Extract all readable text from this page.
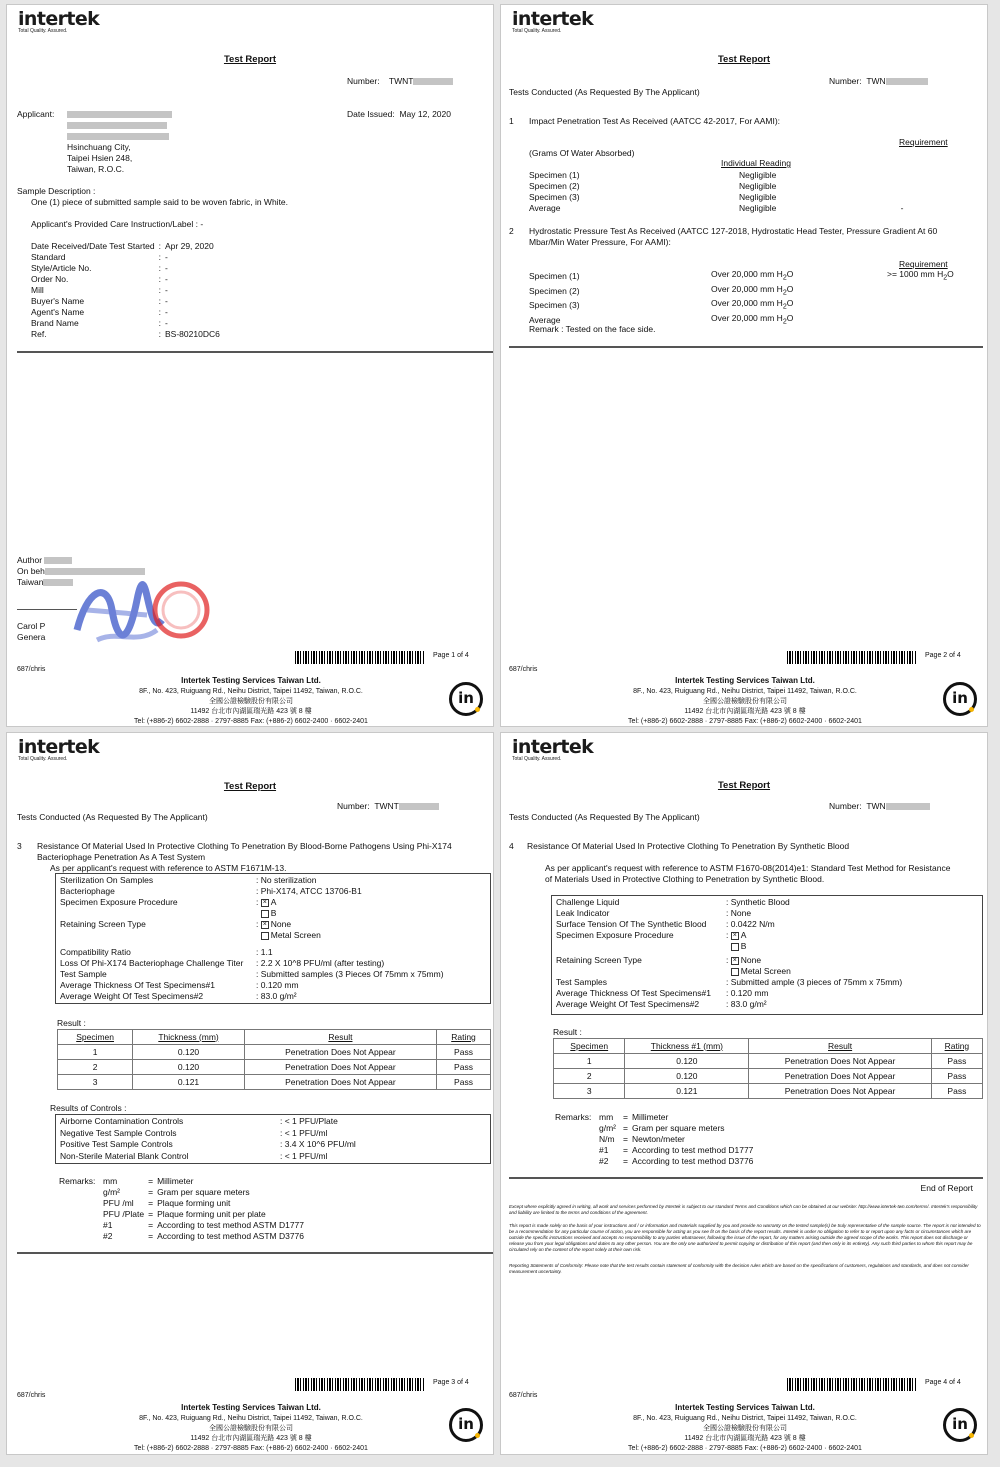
intertek
Total Quality. Assured.
Test Report
Number: TWNT
Applicant:

Hsinchuang City,
Taipei Hsien 248,
Taiwan, R.O.C.
Date Issued: May 12, 2020
Sample Description :
One (1) piece of submitted sample said to be woven fabric, in White.
Applicant's Provided Care Instruction/Label : -
Date Received/Date Test Started	:	Apr 29, 2020
Standard	:	-
Style/Article No.	:	-
Order No.	:	-
Mill	:	-
Buyer's Name	:	-
Agent's Name	:	-
Brand Name	:	-
Ref.	:	BS-80210DC6
Author
On beh
Taiwan
Carol P
Genera
Page 1 of 4
687/chris
Intertek Testing Services Taiwan Ltd.
8F., No. 423, Ruiguang Rd., Neihu District, Taipei 11492, Taiwan, R.O.C.
全國公證檢驗股份有限公司
11492 台北市內湖區瑞光路 423 號 8 樓
Tel: (+886-2) 6602-2888 · 2797-8885 Fax: (+886-2) 6602-2400 · 6602-2401
in
intertek
Total Quality. Assured.
Test Report
Number: TWN
Tests Conducted (As Requested By The Applicant)
1 Impact Penetration Test As Received (AATCC 42-2017, For AAMI):
Requirement
(Grams Of Water Absorbed)
Individual Reading
Specimen (1)	Negligible	
Specimen (2)	Negligible	
Specimen (3)	Negligible	
Average	Negligible	-
2 Hydrostatic Pressure Test As Received (AATCC 127-2018, Hydrostatic Head Tester, Pressure Gradient At 60
Mbar/Min Water Pressure, For AAMI):
Requirement
>= 1000 mm $H_2O$
Specimen (1)	Over 20,000 mm $H_2O$
Specimen (2)	Over 20,000 mm $H_2O$
Specimen (3)	Over 20,000 mm $H_2O$
Average	Over 20,000 mm $H_2O$
Remark : Tested on the face side.
Page 2 of 4
687/chris
Intertek Testing Services Taiwan Ltd.
8F., No. 423, Ruiguang Rd., Neihu District, Taipei 11492, Taiwan, R.O.C.
全國公證檢驗股份有限公司
11492 台北市內湖區瑞光路 423 號 8 樓
Tel: (+886-2) 6602-2888 · 2797-8885 Fax: (+886-2) 6602-2400 · 6602-2401
in
intertek
Total Quality. Assured.
Test Report
Number: TWNT
Tests Conducted (As Requested By The Applicant)
3 Resistance Of Material Used In Protective Clothing To Penetration By Blood-Borne Pathogens Using Phi-X174
Bacteriophage Penetration As A Test System
As per applicant's request with reference to ASTM F1671M-13.
Sterilization On Samples	: No sterilization
Bacteriophage	: Phi-X174, ATCC 13706-B1
Specimen Exposure Procedure	: × A
	B
Retaining Screen Type	: × None
	Metal Screen

Compatibility Ratio	: 1.1
Loss Of Phi-X174 Bacteriophage Challenge Titer	: 2.2 X 10^8 PFU/ml (after testing)
Test Sample	: Submitted samples (3 Pieces Of 75mm x 75mm)
Average Thickness Of Test Specimens#1	: 0.120 mm
Average Weight Of Test Specimens#2	: 83.0 g/m²
Result :
Specimen	Thickness (mm)	Result	Rating
1	0.120	Penetration Does Not Appear	Pass
2	0.120	Penetration Does Not Appear	Pass
3	0.121	Penetration Does Not Appear	Pass
Results of Controls :
Airborne Contamination Controls	: < 1 PFU/Plate
Negative Test Sample Controls	: < 1 PFU/ml
Positive Test Sample Controls	: 3.4 X 10^6 PFU/ml
Non-Sterile Material Blank Control	: < 1 PFU/ml
Remarks: mm	=	Millimeter
g/m²	=	Gram per square meters
PFU /ml	=	Plaque forming unit
PFU /Plate	=	Plaque forming unit per plate
#1	=	According to test method ASTM D1777
#2	=	According to test method ASTM D3776
Page 3 of 4
687/chris
Intertek Testing Services Taiwan Ltd.
8F., No. 423, Ruiguang Rd., Neihu District, Taipei 11492, Taiwan, R.O.C.
全國公證檢驗股份有限公司
11492 台北市內湖區瑞光路 423 號 8 樓
Tel: (+886-2) 6602-2888 · 2797-8885 Fax: (+886-2) 6602-2400 · 6602-2401
in
intertek
Total Quality. Assured.
Test Report
Number: TWN
Tests Conducted (As Requested By The Applicant)
4 Resistance Of Material Used In Protective Clothing To Penetration By Synthetic Blood
As per applicant's request with reference to ASTM F1670-08(2014)e1: Standard Test Method for Resistance
of Materials Used in Protective Clothing to Penetration by Synthetic Blood.
Challenge Liquid	: Synthetic Blood
Leak Indicator	: None
Surface Tension Of The Synthetic Blood	: 0.0422 N/m
Specimen Exposure Procedure	: × A
	B

Retaining Screen Type	: × None
	Metal Screen
Test Samples	: Submitted ample (3 pieces of 75mm x 75mm)
Average Thickness Of Test Specimens#1	: 0.120 mm
Average Weight Of Test Specimens#2	: 83.0 g/m²
Result :
Specimen	Thickness #1 (mm)	Result	Rating
1	0.120	Penetration Does Not Appear	Pass
2	0.120	Penetration Does Not Appear	Pass
3	0.121	Penetration Does Not Appear	Pass
Remarks: mm	=	Millimeter
g/m²	=	Gram per square meters
N/m	=	Newton/meter
#1	=	According to test method D1777
#2	=	According to test method D3776
End of Report
Except where explicitly agreed in writing, all work and services performed by Intertek is subject to our standard Terms and Conditions which can be obtained at our website: http://www.intertek-twn.com/terms/. Intertek's responsibility and liability are limited to the terms and conditions of the agreement.
This report is made solely on the basis of your instructions and / or information and materials supplied by you and provide no warranty on the tested sample(s) be truly representative of the sample source. The report is not intended to be a recommendation for any particular course of action, you are responsible for acting as you see fit on the basis of the report results. Intertek is under no obligation to refer to or report upon any facts or circumstances which are outside the specific instructions received and accepts no responsibility to any parties whatsoever, following the issue of the report, for any matters arising outside the agreed scope of the works. This report does not discharge or release you from your legal obligations and duties to any other person. You are the only one authorized to permit copying or distribution of this report (and then only in its entirety). Any such third parties to whom this report may be circulated rely on the content of the report solely at their own risk.
Reporting Statements of Conformity: Please note that the test results contain statement of conformity with the decision rules which are based on the specifications of customers, regulations and standards, and does not consider measurement uncertainty.
Page 4 of 4
687/chris
Intertek Testing Services Taiwan Ltd.
8F., No. 423, Ruiguang Rd., Neihu District, Taipei 11492, Taiwan, R.O.C.
全國公證檢驗股份有限公司
11492 台北市內湖區瑞光路 423 號 8 樓
Tel: (+886-2) 6602-2888 · 2797-8885 Fax: (+886-2) 6602-2400 · 6602-2401
in
